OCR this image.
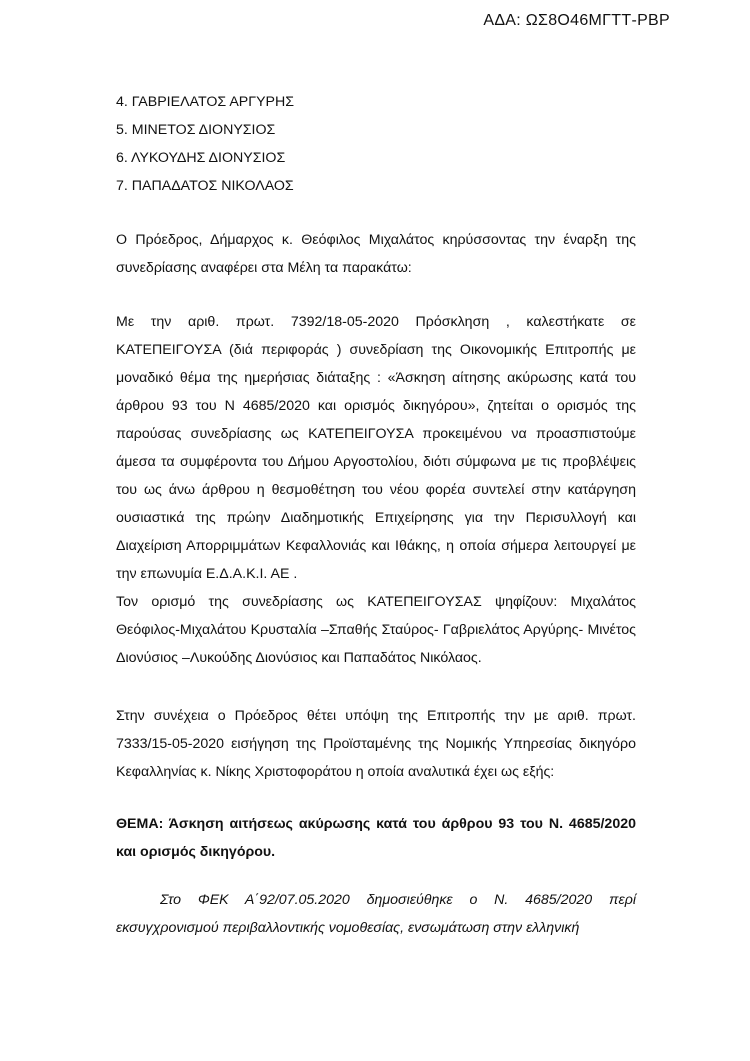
ΑΔΑ: ΩΣ8Ο46ΜΓΤΤ-ΡΒΡ
4. ΓΑΒΡΙΕΛΑΤΟΣ ΑΡΓΥΡΗΣ
5. ΜΙΝΕΤΟΣ ΔΙΟΝΥΣΙΟΣ
6. ΛΥΚΟΥΔΗΣ ΔΙΟΝΥΣΙΟΣ
7. ΠΑΠΑΔΑΤΟΣ ΝΙΚΟΛΑΟΣ

Ο Πρόεδρος, Δήμαρχος κ. Θεόφιλος Μιχαλάτος κηρύσσοντας την έναρξη της συνεδρίασης αναφέρει στα Μέλη τα παρακάτω:

Με την αριθ. πρωτ. 7392/18-05-2020 Πρόσκληση , καλεστήκατε σε ΚΑΤΕΠΕΙΓΟΥΣΑ (διά περιφοράς ) συνεδρίαση της Οικονομικής Επιτροπής με μοναδικό θέμα της ημερήσιας διάταξης : «Άσκηση αίτησης ακύρωσης κατά του άρθρου 93 του Ν 4685/2020 και ορισμός δικηγόρου», ζητείται ο ορισμός της παρούσας συνεδρίασης ως ΚΑΤΕΠΕΙΓΟΥΣΑ προκειμένου να προασπιστούμε άμεσα τα συμφέροντα του Δήμου Αργοστολίου, διότι σύμφωνα με τις προβλέψεις του ως άνω άρθρου η θεσμοθέτηση του νέου φορέα συντελεί στην κατάργηση ουσιαστικά της πρώην Διαδημοτικής Επιχείρησης για την Περισυλλογή και Διαχείριση Απορριμμάτων Κεφαλλονιάς και Ιθάκης, η οποία σήμερα λειτουργεί με την επωνυμία Ε.Δ.Α.Κ.Ι. ΑΕ .

Τον ορισμό της συνεδρίασης ως ΚΑΤΕΠΕΙΓΟΥΣΑΣ ψηφίζουν: Μιχαλάτος Θεόφιλος-Μιχαλάτου Κρυσταλία –Σπαθής Σταύρος- Γαβριελάτος Αργύρης- Μινέτος Διονύσιος –Λυκούδης Διονύσιος και Παπαδάτος Νικόλαος.

Στην συνέχεια ο Πρόεδρος θέτει υπόψη της Επιτροπής την με αριθ. πρωτ. 7333/15-05-2020 εισήγηση της Προϊσταμένης της Νομικής Υπηρεσίας δικηγόρο Κεφαλληνίας κ. Νίκης Χριστοφοράτου η οποία αναλυτικά έχει ως εξής:

ΘΕΜΑ: Άσκηση αιτήσεως ακύρωσης κατά του άρθρου 93 του Ν. 4685/2020 και ορισμός δικηγόρου.

Στο ΦΕΚ Α΄92/07.05.2020 δημοσιεύθηκε ο Ν. 4685/2020 περί εκσυγχρονισμού περιβαλλοντικής νομοθεσίας, ενσωμάτωση στην ελληνική
